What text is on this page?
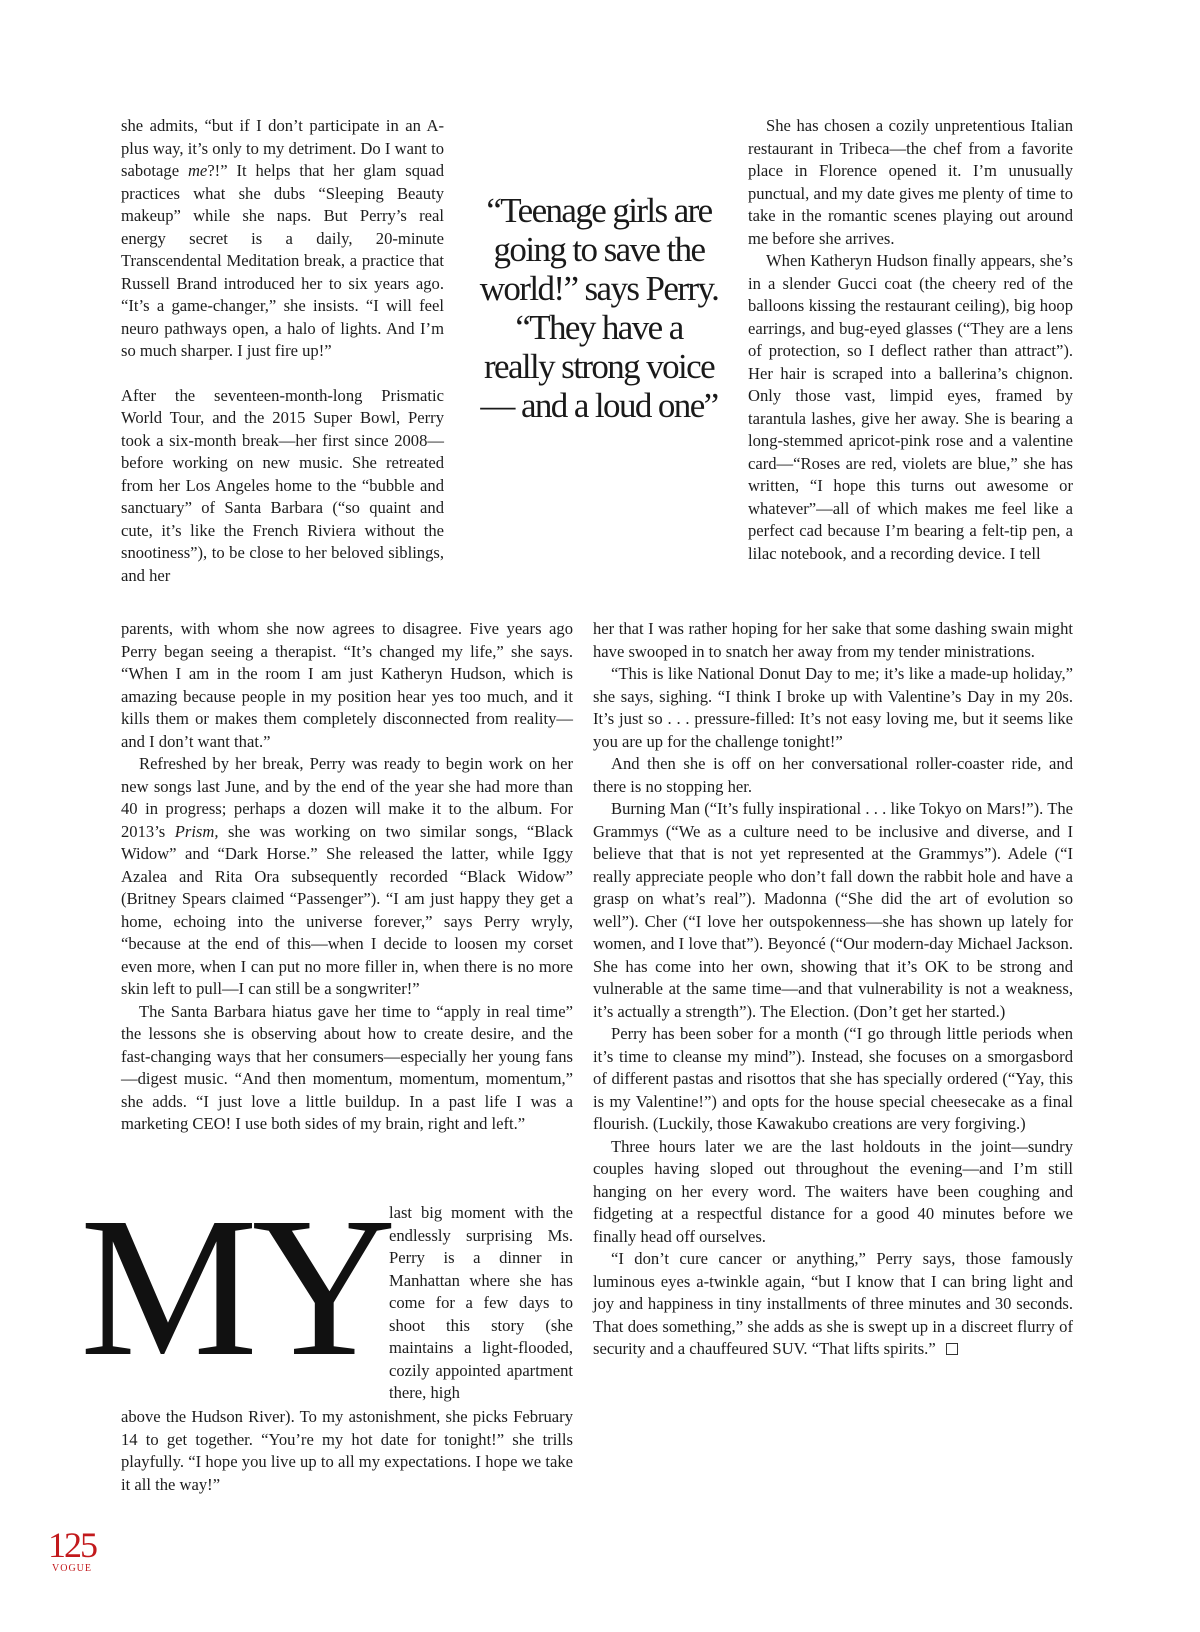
she admits, “but if I don’t participate in an A-plus way, it’s only to my detriment. Do I want to sabotage me?!” It helps that her glam squad practices what she dubs “Sleeping Beauty makeup” while she naps. But Perry’s real energy secret is a daily, 20-minute Transcendental Meditation break, a practice that Russell Brand introduced her to six years ago. “It’s a game-changer,” she insists. “I will feel neuro pathways open, a halo of lights. And I’m so much sharper. I just fire up!”

After the seventeen-month-long Prismatic World Tour, and the 2015 Super Bowl, Perry took a six-month break—her first since 2008—before working on new music. She retreated from her Los Angeles home to the “bubble and sanctuary” of Santa Barbara (“so quaint and cute, it’s like the French Riviera without the snootiness”), to be close to her beloved siblings, and her

“Teenage girls are going to save the world!” says Perry. “They have a really strong voice— and a loud one”

She has chosen a cozily unpretentious Italian restaurant in Tribeca—the chef from a favorite place in Florence opened it. I’m unusually punctual, and my date gives me plenty of time to take in the romantic scenes playing out around me before she arrives.

When Katheryn Hudson finally appears, she’s in a slender Gucci coat (the cheery red of the balloons kissing the restaurant ceiling), big hoop earrings, and bug-eyed glasses (“They are a lens of protection, so I deflect rather than attract”). Her hair is scraped into a ballerina’s chignon. Only those vast, limpid eyes, framed by tarantula lashes, give her away. She is bearing a long-stemmed apricot-pink rose and a valentine card—“Roses are red, violets are blue,” she has written, “I hope this turns out awesome or whatever”—all of which makes me feel like a perfect cad because I’m bearing a felt-tip pen, a lilac notebook, and a recording device. I tell

parents, with whom she now agrees to disagree. Five years ago Perry began seeing a therapist. “It’s changed my life,” she says. “When I am in the room I am just Katheryn Hudson, which is amazing because people in my position hear yes too much, and it kills them or makes them completely disconnected from reality—and I don’t want that.”

Refreshed by her break, Perry was ready to begin work on her new songs last June, and by the end of the year she had more than 40 in progress; perhaps a dozen will make it to the album. For 2013’s Prism, she was working on two similar songs, “Black Widow” and “Dark Horse.” She released the latter, while Iggy Azalea and Rita Ora subsequently recorded “Black Widow” (Britney Spears claimed “Passenger”). “I am just happy they get a home, echoing into the universe forever,” says Perry wryly, “because at the end of this—when I decide to loosen my corset even more, when I can put no more filler in, when there is no more skin left to pull—I can still be a songwriter!”

The Santa Barbara hiatus gave her time to “apply in real time” the lessons she is observing about how to create desire, and the fast-changing ways that her consumers—especially her young fans—digest music. “And then momentum, momentum, momentum,” she adds. “I just love a little buildup. In a past life I was a marketing CEO! I use both sides of my brain, right and left.”

MY

last big moment with the endlessly surprising Ms. Perry is a dinner in Manhattan where she has come for a few days to shoot this story (she maintains a light-flooded, cozily appointed apartment there, high

above the Hudson River). To my astonishment, she picks February 14 to get together. “You’re my hot date for tonight!” she trills playfully. “I hope you live up to all my expectations. I hope we take it all the way!”

her that I was rather hoping for her sake that some dashing swain might have swooped in to snatch her away from my tender ministrations.

“This is like National Donut Day to me; it’s like a made-up holiday,” she says, sighing. “I think I broke up with Valentine’s Day in my 20s. It’s just so . . . pressure-filled: It’s not easy loving me, but it seems like you are up for the challenge tonight!”

And then she is off on her conversational roller-coaster ride, and there is no stopping her.

Burning Man (“It’s fully inspirational . . . like Tokyo on Mars!”). The Grammys (“We as a culture need to be inclusive and diverse, and I believe that that is not yet represented at the Grammys”). Adele (“I really appreciate people who don’t fall down the rabbit hole and have a grasp on what’s real”). Madonna (“She did the art of evolution so well”). Cher (“I love her outspokenness—she has shown up lately for women, and I love that”). Beyoncé (“Our modern-day Michael Jackson. She has come into her own, showing that it’s OK to be strong and vulnerable at the same time—and that vulnerability is not a weakness, it’s actually a strength”). The Election. (Don’t get her started.)

Perry has been sober for a month (“I go through little periods when it’s time to cleanse my mind”). Instead, she focuses on a smorgasbord of different pastas and risottos that she has specially ordered (“Yay, this is my Valentine!”) and opts for the house special cheesecake as a final flourish. (Luckily, those Kawakubo creations are very forgiving.)

Three hours later we are the last holdouts in the joint—sundry couples having sloped out throughout the evening—and I’m still hanging on her every word. The waiters have been coughing and fidgeting at a respectful distance for a good 40 minutes before we finally head off ourselves.

“I don’t cure cancer or anything,” Perry says, those famously luminous eyes a-twinkle again, “but I know that I can bring light and joy and happiness in tiny installments of three minutes and 30 seconds. That does something,” she adds as she is swept up in a discreet flurry of security and a chauffeured SUV. “That lifts spirits.”

125
VOGUE
